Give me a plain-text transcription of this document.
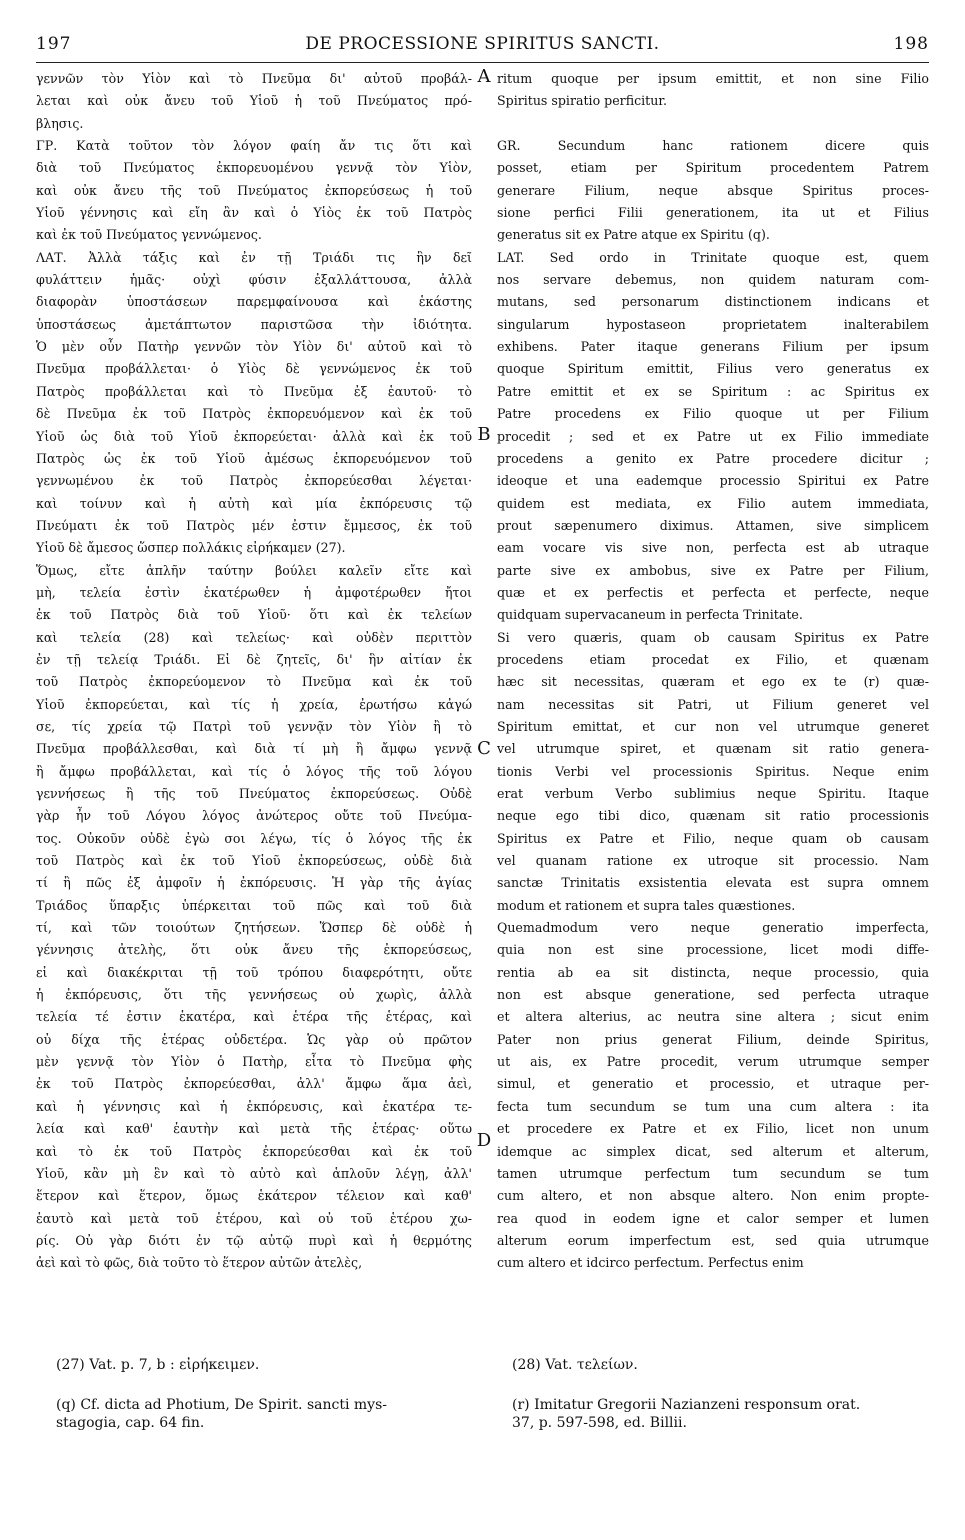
197	DE PROCESSIONE SPIRITUS SANCTI.	198
γεννῶν τὸν Υἱὸν καὶ τὸ Πνεῦμα δι' αὐτοῦ προβάλ-
λεται καὶ οὐκ ἄνευ τοῦ Υἱοῦ ἡ τοῦ Πνεύματος πρό-
βλησις.
ΓΡ. Κατὰ τοῦτον τὸν λόγον φαίη ἄν τις ὅτι καὶ
διὰ τοῦ Πνεύματος ἐκπορευομένου γεννᾷ τὸν Υἱὸν,
καὶ οὐκ ἄνευ τῆς τοῦ Πνεύματος ἐκπορεύσεως ἡ τοῦ
Υἱοῦ γέννησις καὶ εἴη ἂν καὶ ὁ Υἱὸς ἐκ τοῦ Πατρὸς
καὶ ἐκ τοῦ Πνεύματος γεννώμενος.
ΛΑΤ. Ἀλλὰ τάξις καὶ ἐν τῇ Τριάδι τις ἣν δεῖ
φυλάττειν ἡμᾶς· οὐχὶ φύσιν ἐξαλλάττουσα, ἀλλὰ
διαφορὰν ὑποστάσεων παρεμφαίνουσα καὶ ἑκάστης
ὑποστάσεως ἀμετάπτωτον παριστῶσα τὴν ἰδιότητα.
Ὁ μὲν οὖν Πατὴρ γεννῶν τὸν Υἱὸν δι' αὐτοῦ καὶ τὸ
Πνεῦμα προβάλλεται· ὁ Υἱὸς δὲ γεννώμενος ἐκ τοῦ
Πατρὸς προβάλλεται καὶ τὸ Πνεῦμα ἐξ ἑαυτοῦ· τὸ
δὲ Πνεῦμα ἐκ τοῦ Πατρὸς ἐκπορευόμενον καὶ ἐκ τοῦ
Υἱοῦ ὡς διὰ τοῦ Υἱοῦ ἐκπορεύεται· ἀλλὰ καὶ ἐκ τοῦ
Πατρὸς ὡς ἐκ τοῦ Υἱοῦ ἀμέσως ἐκπορευόμενον τοῦ
γεννωμένου ἐκ τοῦ Πατρὸς ἐκπορεύεσθαι λέγεται·
καὶ τοίνυν καὶ ἡ αὐτὴ καὶ μία ἐκπόρευσις τῷ
Πνεύματι ἐκ τοῦ Πατρὸς μέν ἐστιν ἔμμεσος, ἐκ τοῦ
Υἱοῦ δὲ ἄμεσος ὥσπερ πολλάκις εἰρήκαμεν (27).
Ὅμως, εἴτε ἁπλῆν ταύτην βούλει καλεῖν εἴτε καὶ
μὴ, τελεία ἐστὶν ἑκατέρωθεν ἡ ἀμφοτέρωθεν ἤτοι
ἐκ τοῦ Πατρὸς διὰ τοῦ Υἱοῦ· ὅτι καὶ ἐκ τελείων
καὶ τελεία (28) καὶ τελείως· καὶ οὐδὲν περιττὸν
ἐν τῇ τελείᾳ Τριάδι. Εἰ δὲ ζητεῖς, δι' ἣν αἰτίαν ἐκ
τοῦ Πατρὸς ἐκπορεύομενον τὸ Πνεῦμα καὶ ἐκ τοῦ
Υἱοῦ ἐκπορεύεται, καὶ τίς ἡ χρεία, ἐρωτήσω κἀγώ
σε, τίς χρεία τῷ Πατρὶ τοῦ γεννᾷν τὸν Υἱὸν ἢ τὸ
Πνεῦμα προβάλλεσθαι, καὶ διὰ τί μὴ ἢ ἄμφω γεννᾷ
ἢ ἄμφω προβάλλεται, καὶ τίς ὁ λόγος τῆς τοῦ λόγου
γεννήσεως ἢ τῆς τοῦ Πνεύματος ἐκπορεύσεως. Οὐδὲ
γὰρ ἦν τοῦ Λόγου λόγος ἀνώτερος οὔτε τοῦ Πνεύμα-
τος. Οὐκοῦν οὐδὲ ἐγὼ σοι λέγω, τίς ὁ λόγος τῆς ἐκ
τοῦ Πατρὸς καὶ ἐκ τοῦ Υἱοῦ ἐκπορεύσεως, οὐδὲ διὰ
τί ἢ πῶς ἐξ ἀμφοῖν ἡ ἐκπόρευσις. Ἡ γὰρ τῆς ἁγίας
Τριάδος ὕπαρξις ὑπέρκειται τοῦ πῶς καὶ τοῦ διὰ
τί, καὶ τῶν τοιούτων ζητήσεων. Ὥσπερ δὲ οὐδὲ ἡ
γέννησις ἀτελὴς, ὅτι οὐκ ἄνευ τῆς ἐκπορεύσεως,
εἰ καὶ διακέκριται τῇ τοῦ τρόπου διαφερότητι, οὔτε
ἡ ἐκπόρευσις, ὅτι τῆς γεννήσεως οὐ χωρὶς, ἀλλὰ
τελεία τέ ἐστιν ἑκατέρα, καὶ ἑτέρα τῆς ἑτέρας, καὶ
οὐ δίχα τῆς ἑτέρας οὐδετέρα. Ὡς γὰρ οὐ πρῶτον
μὲν γεννᾷ τὸν Υἱὸν ὁ Πατὴρ, εἶτα τὸ Πνεῦμα φὴς
ἐκ τοῦ Πατρὸς ἐκπορεύεσθαι, ἀλλ' ἄμφω ἅμα ἀεὶ,
καὶ ἡ γέννησις καὶ ἡ ἐκπόρευσις, καὶ ἑκατέρα τε-
λεία καὶ καθ' ἑαυτὴν καὶ μετὰ τῆς ἑτέρας· οὕτω
καὶ τὸ ἐκ τοῦ Πατρὸς ἐκπορεύεσθαι καὶ ἐκ τοῦ
Υἱοῦ, κἂν μὴ ἓν καὶ τὸ αὐτὸ καὶ ἁπλοῦν λέγῃ, ἀλλ'
ἕτερον καὶ ἕτερον, ὅμως ἑκάτερον τέλειον καὶ καθ'
ἑαυτὸ καὶ μετὰ τοῦ ἑτέρου, καὶ οὐ τοῦ ἑτέρου χω-
ρίς. Οὐ γὰρ διότι ἐν τῷ αὐτῷ πυρὶ καὶ ἡ θερμότης
ἀεὶ καὶ τὸ φῶς, διὰ τοῦτο τὸ ἕτερον αὐτῶν ἀτελὲς,
ritum quoque per ipsum emittit, et non sine Filio
Spiritus spiratio perficitur.
GR. Secundum hanc rationem dicere quis
posset, etiam per Spiritum procedentem Patrem
generare Filium, neque absque Spiritus proces-
sione perfici Filii generationem, ita ut et Filius
generatus sit ex Patre atque ex Spiritu (q).
LAT. Sed ordo in Trinitate quoque est, quem
nos servare debemus, non quidem naturam com-
mutans, sed personarum distinctionem indicans et
singularum hypostaseon proprietatem inalterabilem
exhibens. Pater itaque generans Filium per ipsum
quoque Spiritum emittit, Filius vero generatus ex
Patre emittit et ex se Spiritum : ac Spiritus ex
Patre procedens ex Filio quoque ut per Filium
procedit ; sed et ex Patre ut ex Filio immediate
procedens a genito ex Patre procedere dicitur ;
ideoque et una eademque processio Spiritui ex Patre
quidem est mediata, ex Filio autem immediata,
prout sæpenumero diximus. Attamen, sive simplicem
eam vocare vis sive non, perfecta est ab utraque
parte sive ex ambobus, sive ex Patre per Filium,
quæ et ex perfectis et perfecta et perfecte, neque
quidquam supervacaneum in perfecta Trinitate.
Si vero quæris, quam ob causam Spiritus ex Patre
procedens etiam procedat ex Filio, et quænam
hæc sit necessitas, quæram et ego ex te (r) quæ-
nam necessitas sit Patri, ut Filium generet vel
Spiritum emittat, et cur non vel utrumque generet
vel utrumque spiret, et quænam sit ratio genera-
tionis Verbi vel processionis Spiritus. Neque enim
erat verbum Verbo sublimius neque Spiritu. Itaque
neque ego tibi dico, quænam sit ratio processionis
Spiritus ex Patre et Filio, neque quam ob causam
vel quanam ratione ex utroque sit processio. Nam
sanctæ Trinitatis exsistentia elevata est supra omnem
modum et rationem et supra tales quæstiones.
Quemadmodum vero neque generatio imperfecta,
quia non est sine processione, licet modi diffe-
rentia ab ea sit distincta, neque processio, quia
non est absque generatione, sed perfecta utraque
et altera alterius, ac neutra sine altera ; sicut enim
Pater non prius generat Filium, deinde Spiritus,
ut ais, ex Patre procedit, verum utrumque semper
simul, et generatio et processio, et utraque per-
fecta tum secundum se tum una cum altera : ita
et procedere ex Patre et ex Filio, licet non unum
idemque ac simplex dicat, sed alterum et alterum,
tamen utrumque perfectum tum secundum se tum
cum altero, et non absque altero. Non enim propte-
rea quod in eodem igne et calor semper et lumen
alterum eorum imperfectum est, sed quia utrumque
cum altero et idcirco perfectum. Perfectus enim
A
B
C
D
(27) Vat. p. 7, b : εἰρήκειμεν.	(28) Vat. τελείων.
(q) Cf. dicta ad Photium, De Spirit. sancti mys-
stagogia, cap. 64 fin.
(r) Imitatur Gregorii Nazianzeni responsum orat.
37, p. 597-598, ed. Billii.
